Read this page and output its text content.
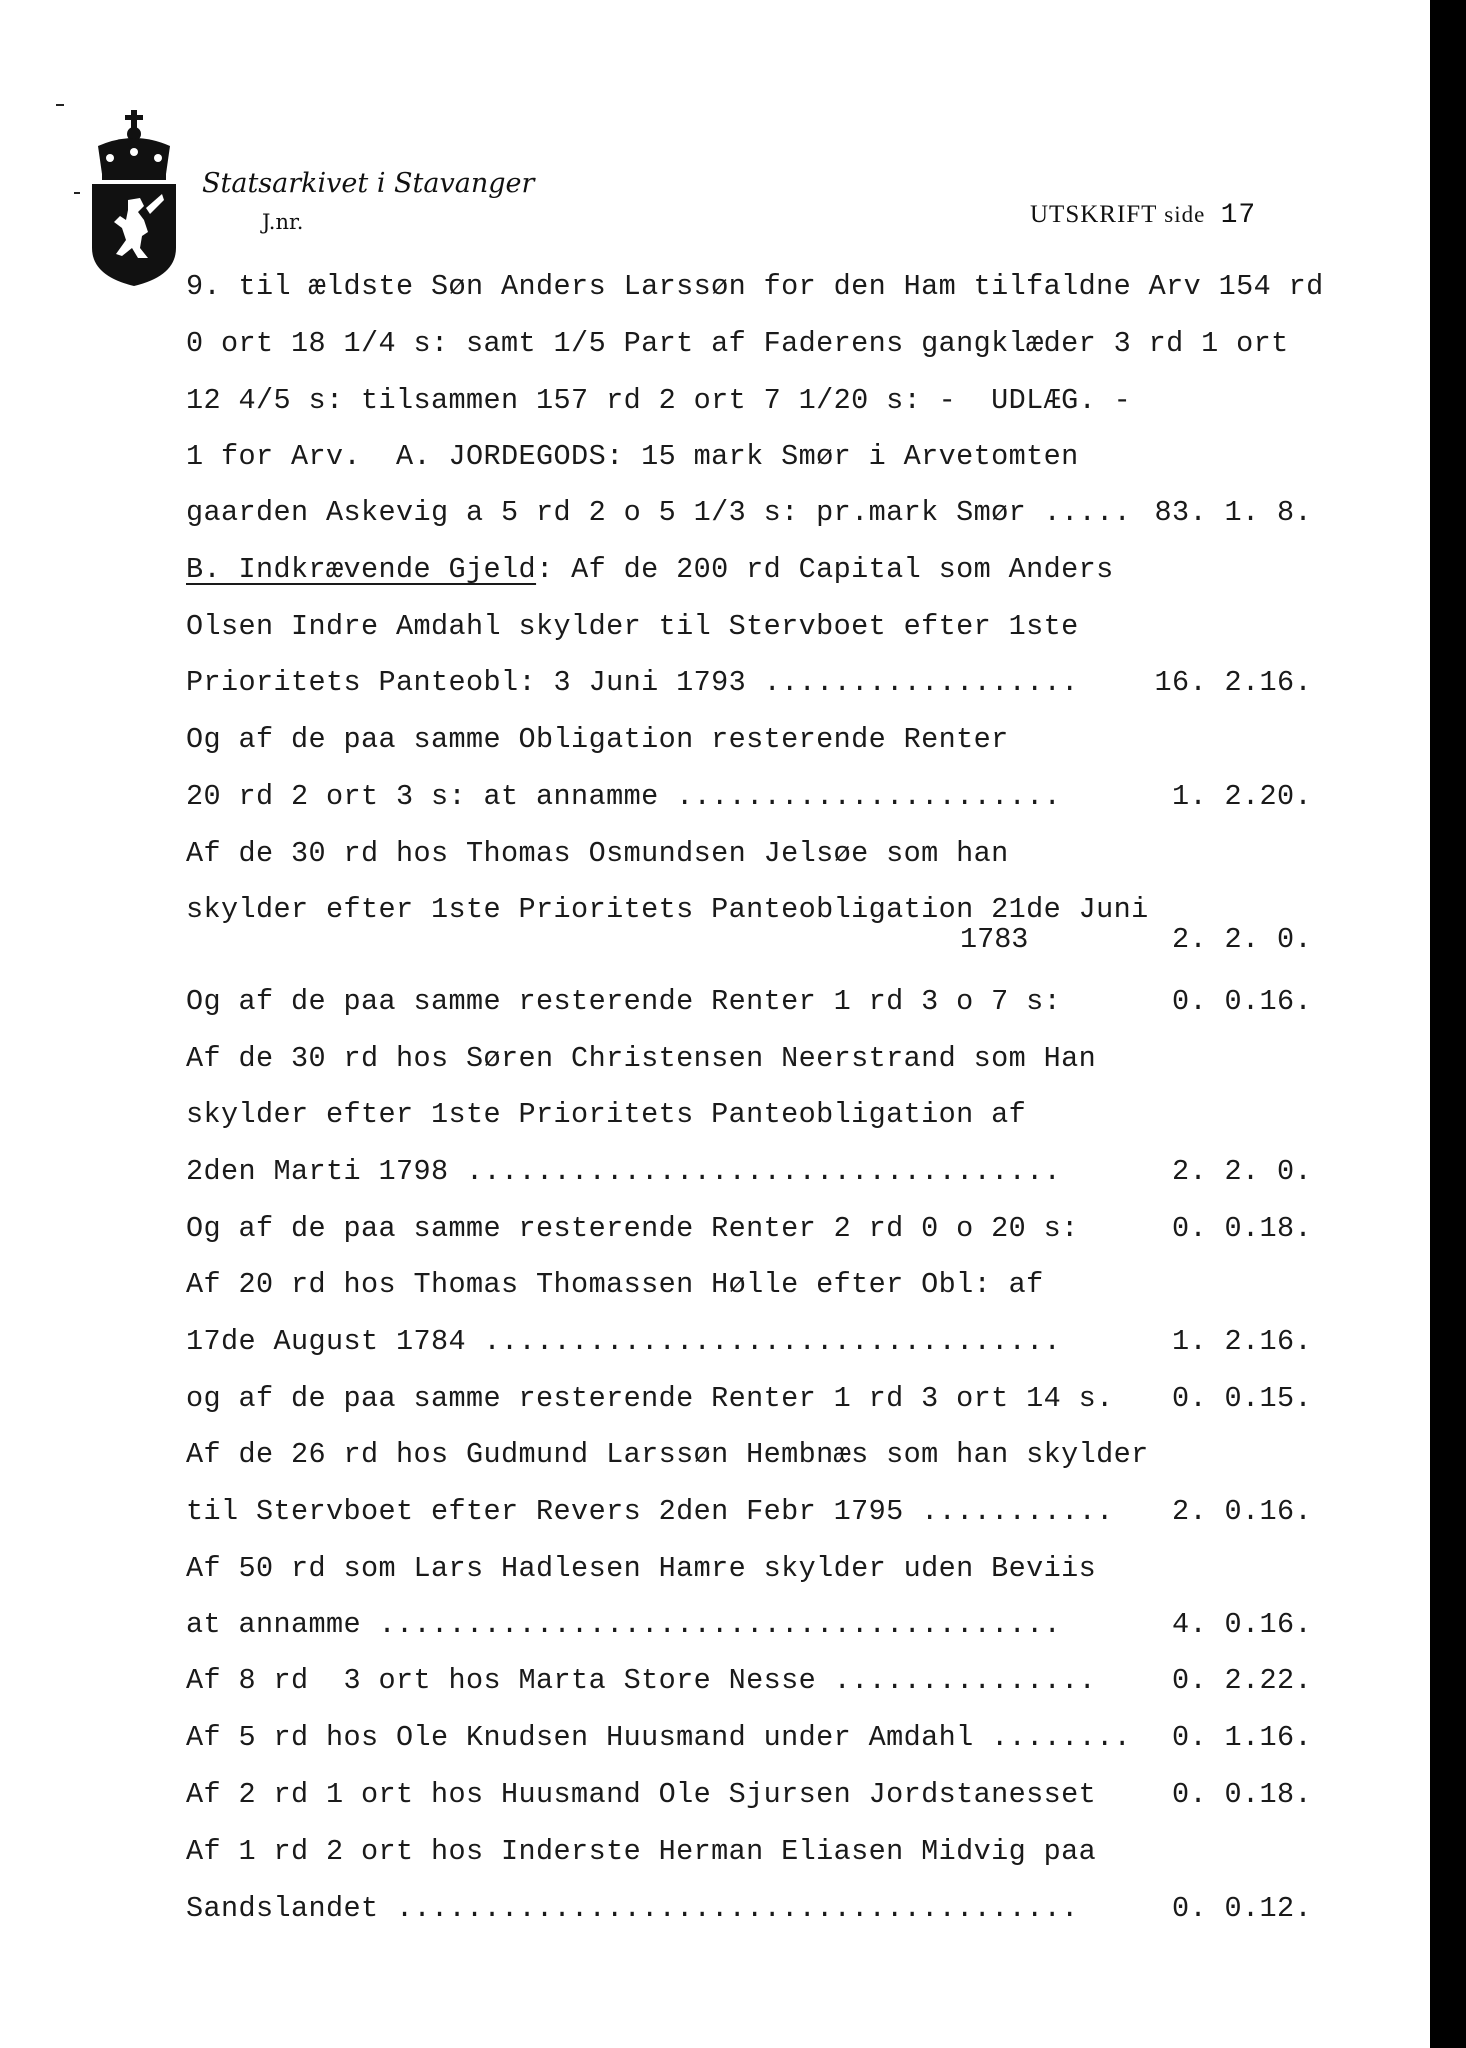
Statsarkivet i Stavanger
J.nr.	UTSKRIFT side 17
9. til ældste Søn Anders Larssøn for den Ham tilfaldne Arv 154 rd
0 ort 18 1/4 s: samt 1/5 Part af Faderens gangklæder 3 rd 1 ort
12 4/5 s: tilsammen 157 rd 2 ort 7 1/20 s: -  UDLÆG. -
1 for Arv.  A. JORDEGODS: 15 mark Smør i Arvetomten
gaarden Askevig a 5 rd 2 o 5 1/3 s: pr.mark Smør ..... 83. 1. 8.
B. Indkrævende Gjeld: Af de 200 rd Capital som Anders
Olsen Indre Amdahl skylder til Stervboet efter 1ste
Prioritets Panteobl: 3 Juni 1793 ..................	16. 2.16.
Og af de paa samme Obligation resterende Renter
20 rd 2 ort 3 s: at annamme ......................	1. 2.20.
Af de 30 rd hos Thomas Osmundsen Jelsøe som han
skylder efter 1ste Prioritets Panteobligation 21de Juni
1783	2. 2. 0.
Og af de paa samme resterende Renter 1 rd 3 o 7 s:	0. 0.16.
Af de 30 rd hos Søren Christensen Neerstrand som Han
skylder efter 1ste Prioritets Panteobligation af
2den Marti 1798 ..................................	2. 2. 0.
Og af de paa samme resterende Renter 2 rd 0 o 20 s:	0. 0.18.
Af 20 rd hos Thomas Thomassen Hølle efter Obl: af
17de August 1784 .................................	1. 2.16.
og af de paa samme resterende Renter 1 rd 3 ort 14 s. 0. 0.15.
Af de 26 rd hos Gudmund Larssøn Hembnæs som han skylder
til Stervboet efter Revers 2den Febr 1795 ........... 2. 0.16.
Af 50 rd som Lars Hadlesen Hamre skylder uden Beviis
at annamme .......................................	4. 0.16.
Af 8 rd  3 ort hos Marta Store Nesse ...............	0. 2.22.
Af 5 rd hos Ole Knudsen Huusmand under Amdahl ........ 0. 1.16.
Af 2 rd 1 ort hos Huusmand Ole Sjursen Jordstanesset	0. 0.18.
Af 1 rd 2 ort hos Inderste Herman Eliasen Midvig paa
Sandslandet .......................................	0. 0.12.
